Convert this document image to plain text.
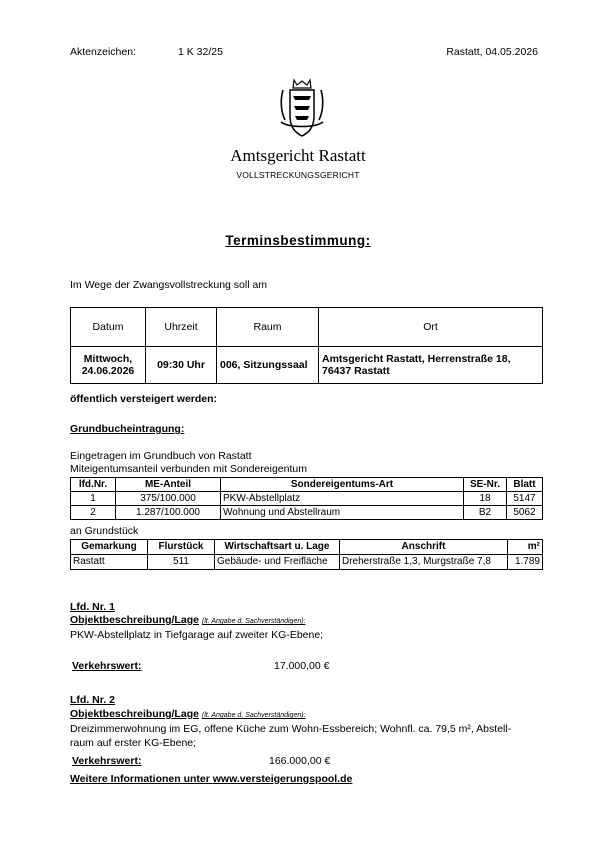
Aktenzeichen:	1 K 32/25	Rastatt, 04.05.2026
Amtsgericht Rastatt
VOLLSTRECKUNGSGERICHT
Terminsbestimmung:
Im Wege der Zwangsvollstreckung soll am
Datum	Uhrzeit	Raum	Ort
Mittwoch, 24.06.2026	09:30 Uhr	006, Sitzungssaal	Amtsgericht Rastatt, Herrenstraße 18, 76437 Rastatt
öffentlich versteigert werden:
Grundbucheintragung:
Eingetragen im Grundbuch von Rastatt
Miteigentumsanteil verbunden mit Sondereigentum
lfd.Nr.	ME-Anteil	Sondereigentums-Art	SE-Nr.	Blatt
1	375/100.000	PKW-Abstellplatz	18	5147
2	1.287/100.000	Wohnung und Abstellraum	B2	5062
an Grundstück
Gemarkung	Flurstück	Wirtschaftsart u. Lage	Anschrift	m²
Rastatt	511	Gebäude- und Freifläche	Dreherstraße 1,3, Murgstraße 7,8	1.789
Lfd. Nr. 1
Objektbeschreibung/Lage (lt. Angabe d. Sachverständigen):
PKW-Abstellplatz in Tiefgarage auf zweiter KG-Ebene;
Verkehrswert:	17.000,00 €
Lfd. Nr. 2
Objektbeschreibung/Lage (lt. Angabe d. Sachverständigen):
Dreizimmerwohnung im EG, offene Küche zum Wohn-Essbereich; Wohnfl. ca. 79,5 m², Abstell-
raum auf erster KG-Ebene;
Verkehrswert:	166.000,00 €
Weitere Informationen unter www.versteigerungspool.de
